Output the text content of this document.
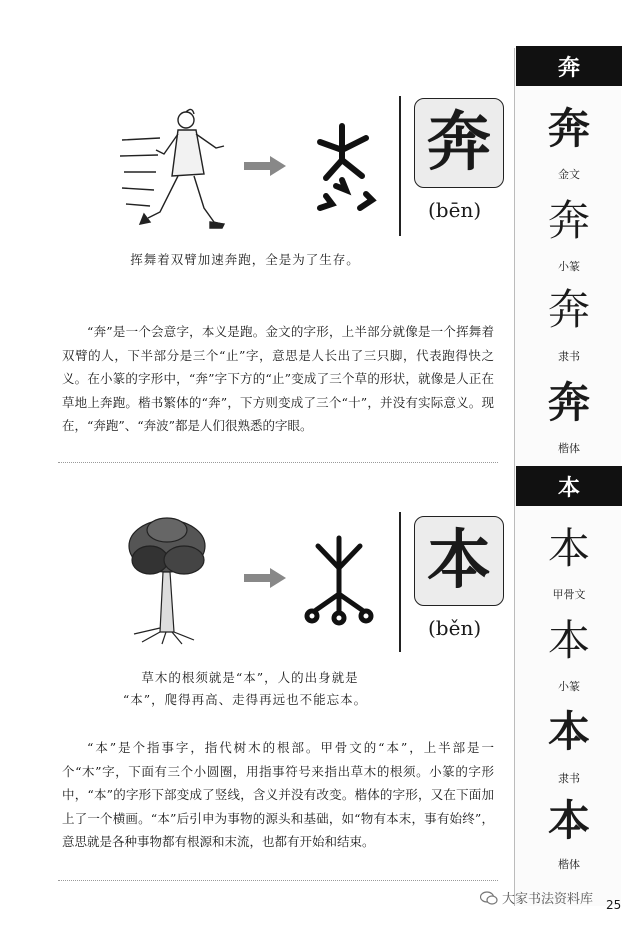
奔
(bēn)
挥舞着双臂加速奔跑，全是为了生存。
“奔”是一个会意字，本义是跑。金文的字形，上半部分就像是一个挥舞着双臂的人，下半部分是三个“止”字，意思是人长出了三只脚，代表跑得快之义。在小篆的字形中，“奔”字下方的“止”变成了三个草的形状，就像是人正在草地上奔跑。楷书繁体的“奔”，下方则变成了三个“十”，并没有实际意义。现在，“奔跑”、“奔波”都是人们很熟悉的字眼。
本
(běn)
草木的根须就是“本”，人的出身就是
“本”，爬得再高、走得再远也不能忘本。
“本”是个指事字，指代树木的根部。甲骨文的“本”，上半部是一个“木”字，下面有三个小圆圈，用指事符号来指出草木的根须。小篆的字形中，“本”的字形下部变成了竖线，含义并没有改变。楷体的字形，又在下面加上了一个横画。“本”后引申为事物的源头和基础，如“物有本末，事有始终”，意思就是各种事物都有根源和末流，也都有开始和结束。
奔
奔
金文
奔
小篆
奔
隶书
奔
楷体
本
本
甲骨文
本
小篆
本
隶书
本
楷体
大家书法资料库 25
